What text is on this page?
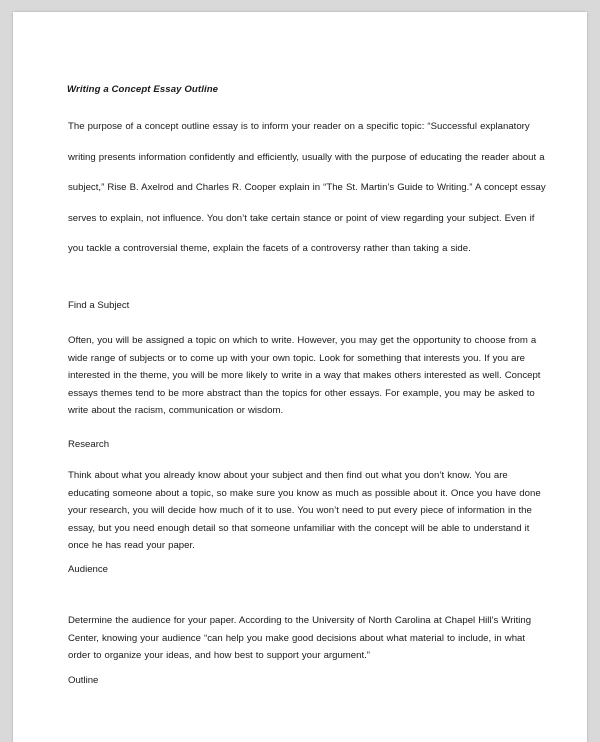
Writing a Concept Essay Outline

The purpose of a concept outline essay is to inform your reader on a specific topic: “Successful explanatory writing presents information confidently and efficiently, usually with the purpose of educating the reader about a subject,” Rise B. Axelrod and Charles R. Cooper explain in “The St. Martin’s Guide to Writing.” A concept essay serves to explain, not influence. You don’t take certain stance or point of view regarding your subject. Even if you tackle a controversial theme, explain the facets of a controversy rather than taking a side.

Find a Subject

Often, you will be assigned a topic on which to write. However, you may get the opportunity to choose from a wide range of subjects or to come up with your own topic. Look for something that interests you. If you are interested in the theme, you will be more likely to write in a way that makes others interested as well. Concept essays themes tend to be more abstract than the topics for other essays. For example, you may be asked to write about the racism, communication or wisdom.

Research

Think about what you already know about your subject and then find out what you don’t know. You are educating someone about a topic, so make sure you know as much as possible about it. Once you have done your research, you will decide how much of it to use. You won’t need to put every piece of information in the essay, but you need enough detail so that someone unfamiliar with the concept will be able to understand it once he has read your paper.

Audience

Determine the audience for your paper. According to the University of North Carolina at Chapel Hill’s Writing Center, knowing your audience “can help you make good decisions about what material to include, in what order to organize your ideas, and how best to support your argument.”

Outline
